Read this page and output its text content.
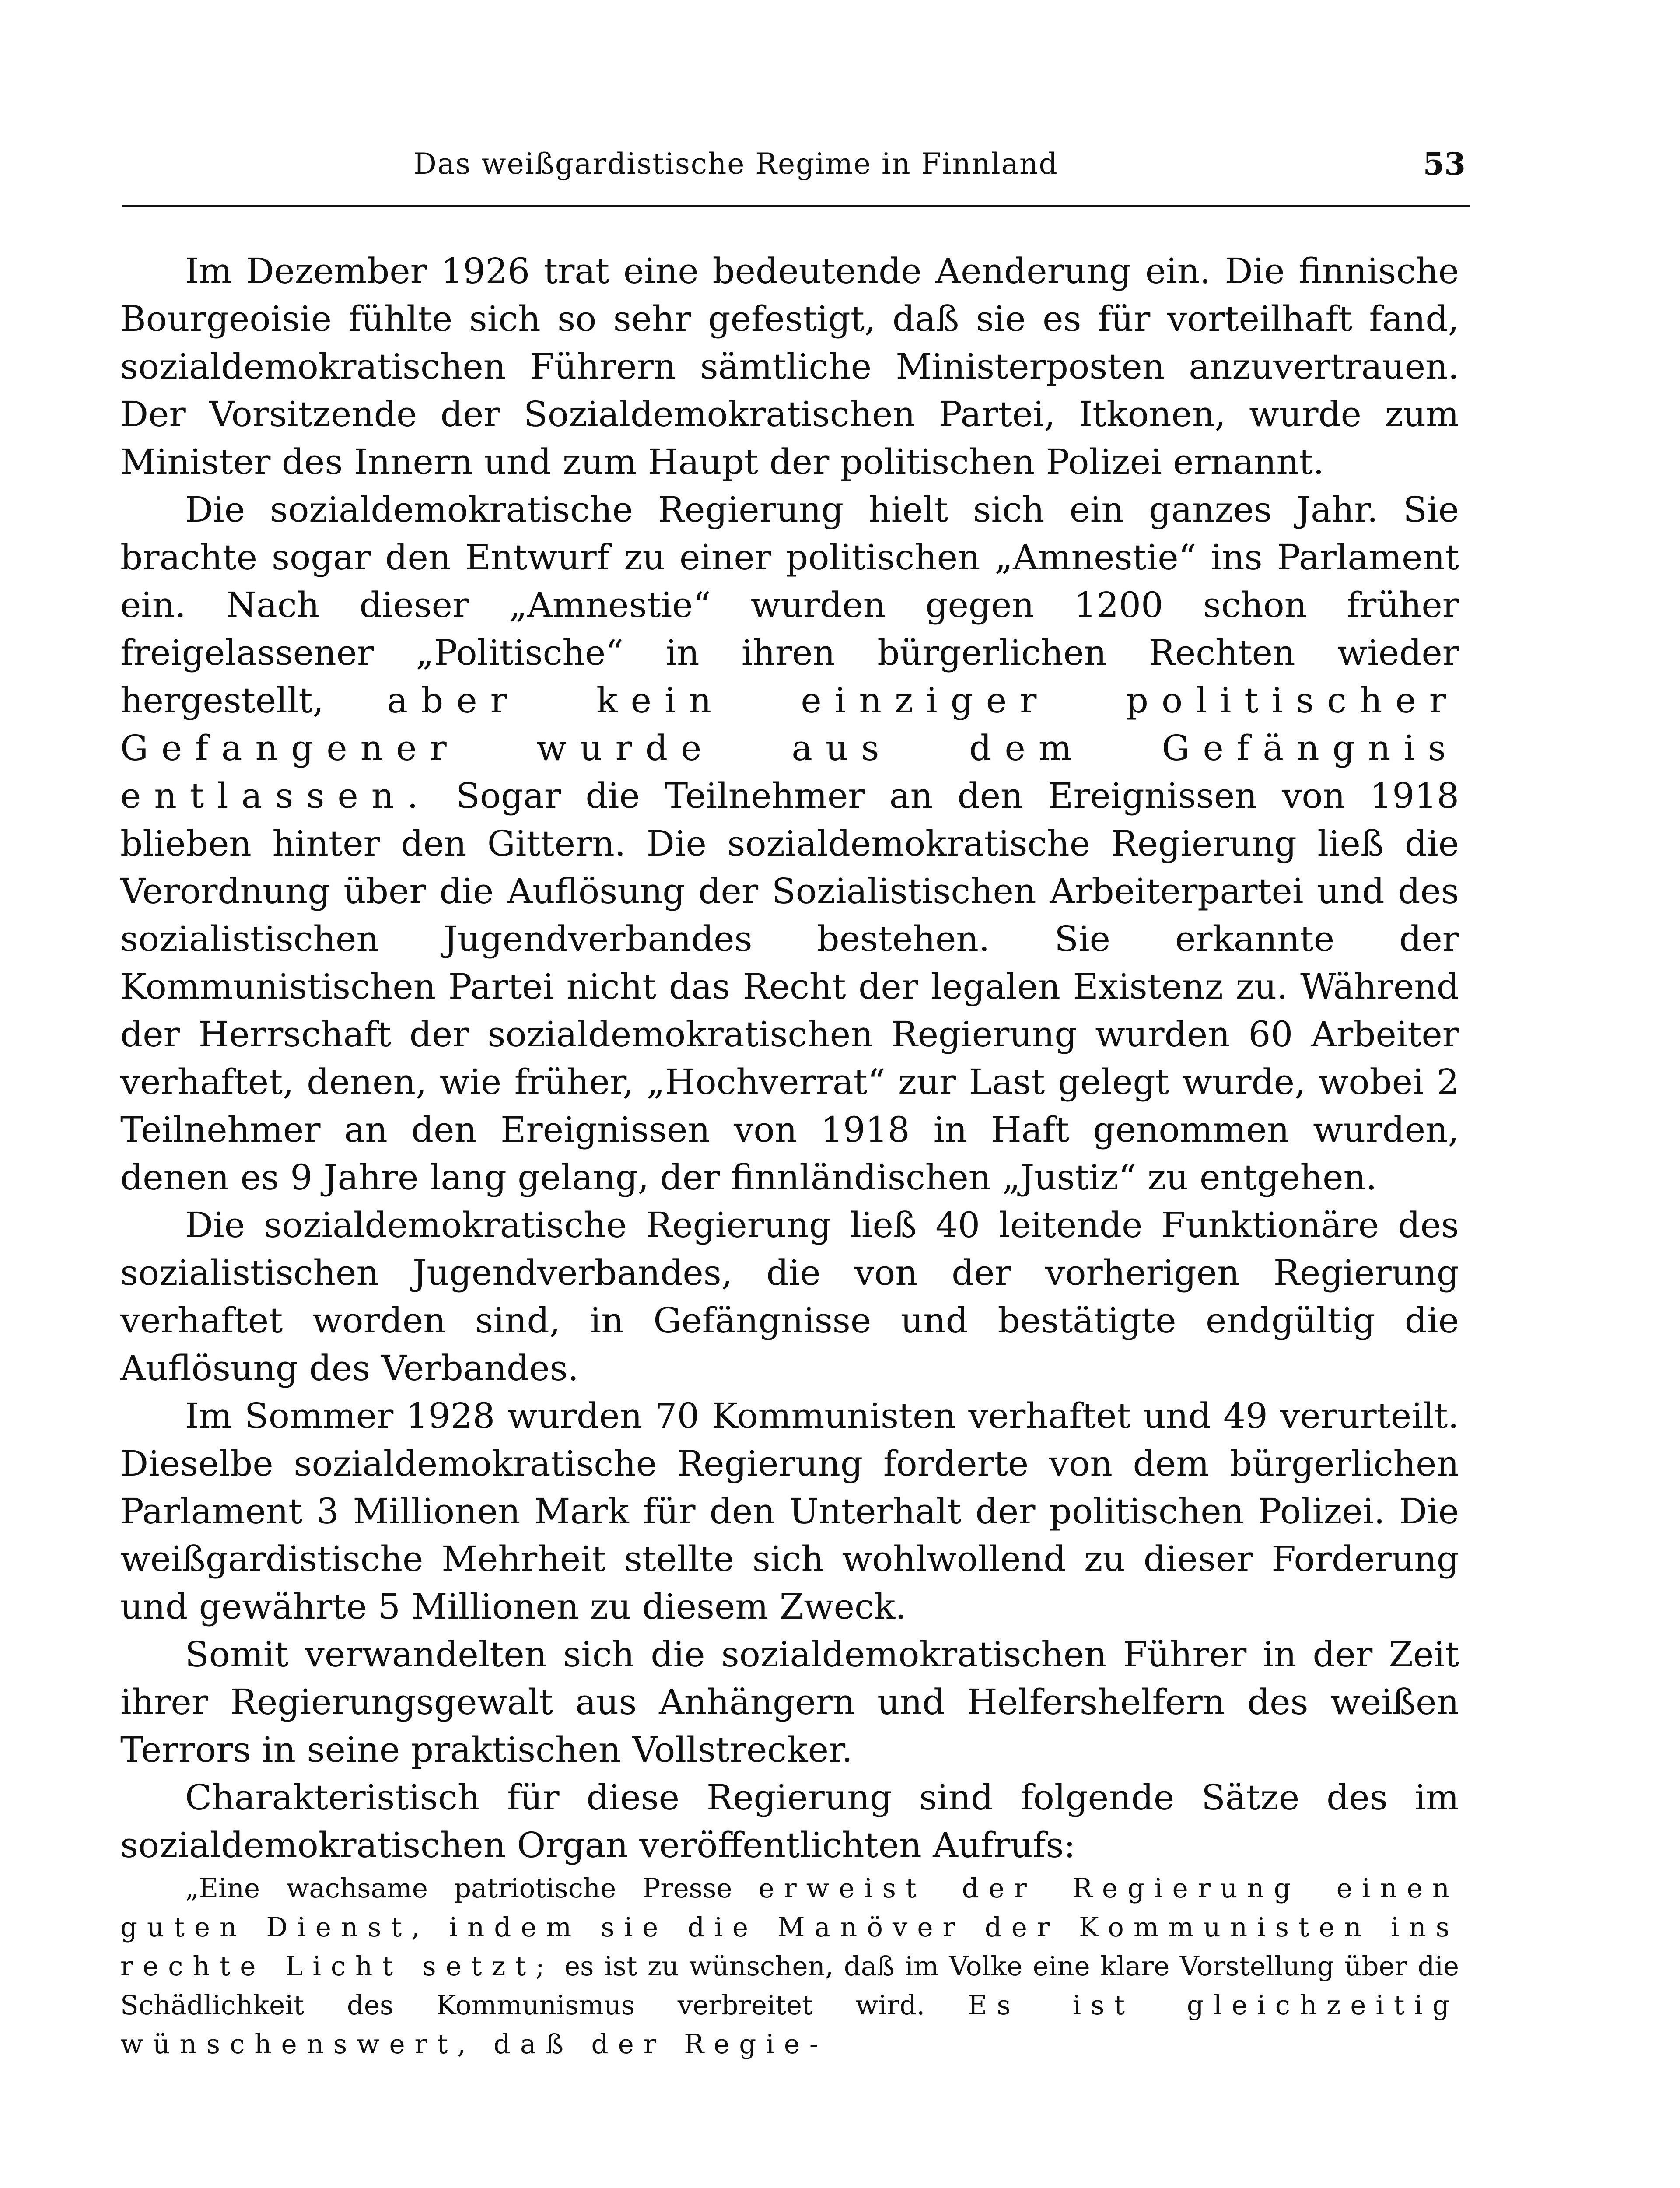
Das weißgardistische Regime in Finnland	53

Im Dezember 1926 trat eine bedeutende Aenderung ein. Die finnische Bourgeoisie fühlte sich so sehr gefestigt, daß sie es für vorteilhaft fand, sozialdemokratischen Führern sämtliche Ministerposten anzuvertrauen. Der Vorsitzende der Sozialdemokratischen Partei, Itkonen, wurde zum Minister des Innern und zum Haupt der politischen Polizei ernannt.

Die sozialdemokratische Regierung hielt sich ein ganzes Jahr. Sie brachte sogar den Entwurf zu einer politischen „Amnestie“ ins Parlament ein. Nach dieser „Amnestie“ wurden gegen 1200 schon früher freigelassener „Politische“ in ihren bürgerlichen Rechten wieder hergestellt, aber kein einziger politischer Gefangener wurde aus dem Gefängnis entlassen. Sogar die Teilnehmer an den Ereignissen von 1918 blieben hinter den Gittern. Die sozialdemokratische Regierung ließ die Verordnung über die Auflösung der Sozialistischen Arbeiterpartei und des sozialistischen Jugendverbandes bestehen. Sie erkannte der Kommunistischen Partei nicht das Recht der legalen Existenz zu. Während der Herrschaft der sozialdemokratischen Regierung wurden 60 Arbeiter verhaftet, denen, wie früher, „Hochverrat“ zur Last gelegt wurde, wobei 2 Teilnehmer an den Ereignissen von 1918 in Haft genommen wurden, denen es 9 Jahre lang gelang, der finnländischen „Justiz“ zu entgehen.

Die sozialdemokratische Regierung ließ 40 leitende Funktionäre des sozialistischen Jugendverbandes, die von der vorherigen Regierung verhaftet worden sind, in Gefängnisse und bestätigte endgültig die Auflösung des Verbandes.

Im Sommer 1928 wurden 70 Kommunisten verhaftet und 49 verurteilt. Dieselbe sozialdemokratische Regierung forderte von dem bürgerlichen Parlament 3 Millionen Mark für den Unterhalt der politischen Polizei. Die weißgardistische Mehrheit stellte sich wohlwollend zu dieser Forderung und gewährte 5 Millionen zu diesem Zweck.

Somit verwandelten sich die sozialdemokratischen Führer in der Zeit ihrer Regierungsgewalt aus Anhängern und Helfershelfern des weißen Terrors in seine praktischen Vollstrecker.

Charakteristisch für diese Regierung sind folgende Sätze des im sozialdemokratischen Organ veröffentlichten Aufrufs:

„Eine wachsame patriotische Presse erweist der Regierung einen guten Dienst, indem sie die Manöver der Kommunisten ins rechte Licht setzt; es ist zu wünschen, daß im Volke eine klare Vorstellung über die Schädlichkeit des Kommunismus verbreitet wird. Es ist gleichzeitig wünschenswert, daß der Regie-
